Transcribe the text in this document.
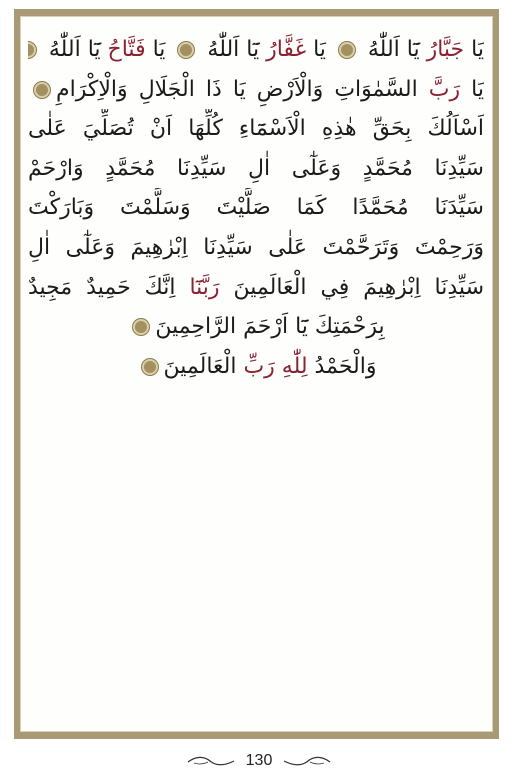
يَا جَبَّارُ يَٓا اَللّٰهُ  يَا غَفَّارُ يَٓا اَللّٰهُ  يَا فَتَّاحُ يَٓا اَللّٰهُ
يَا رَبَّ السَّمٰوَاتِ وَالْاَرْضِ يَا ذَا الْجَلَالِ وَالْاِكْرَامِ
اَسْاَلُكَ بِحَقِّ هٰذِهِ الْاَسْمَٓاءِ كُلِّهَا اَنْ تُصَلِّيَ عَلٰى
سَيِّدِنَا مُحَمَّدٍ وَعَلٰٓى اٰلِ سَيِّدِنَا مُحَمَّدٍ وَارْحَمْ
سَيِّدَنَا مُحَمَّدًا كَمَا صَلَّيْتَ وَسَلَّمْتَ وَبَارَكْتَ
وَرَحِمْتَ وَتَرَحَّمْتَ عَلٰى سَيِّدِنَا اِبْرٰهِيمَ وَعَلٰٓى اٰلِ
سَيِّدِنَا اِبْرٰهِيمَ فِي الْعَالَمِينَ رَبَّنَٓا اِنَّكَ حَمِيدٌ مَجِيدٌ
بِرَحْمَتِكَ يَٓا اَرْحَمَ الرَّاحِمِينَ
وَالْحَمْدُ لِلّٰهِ رَبِّ الْعَالَمِينَ
130
